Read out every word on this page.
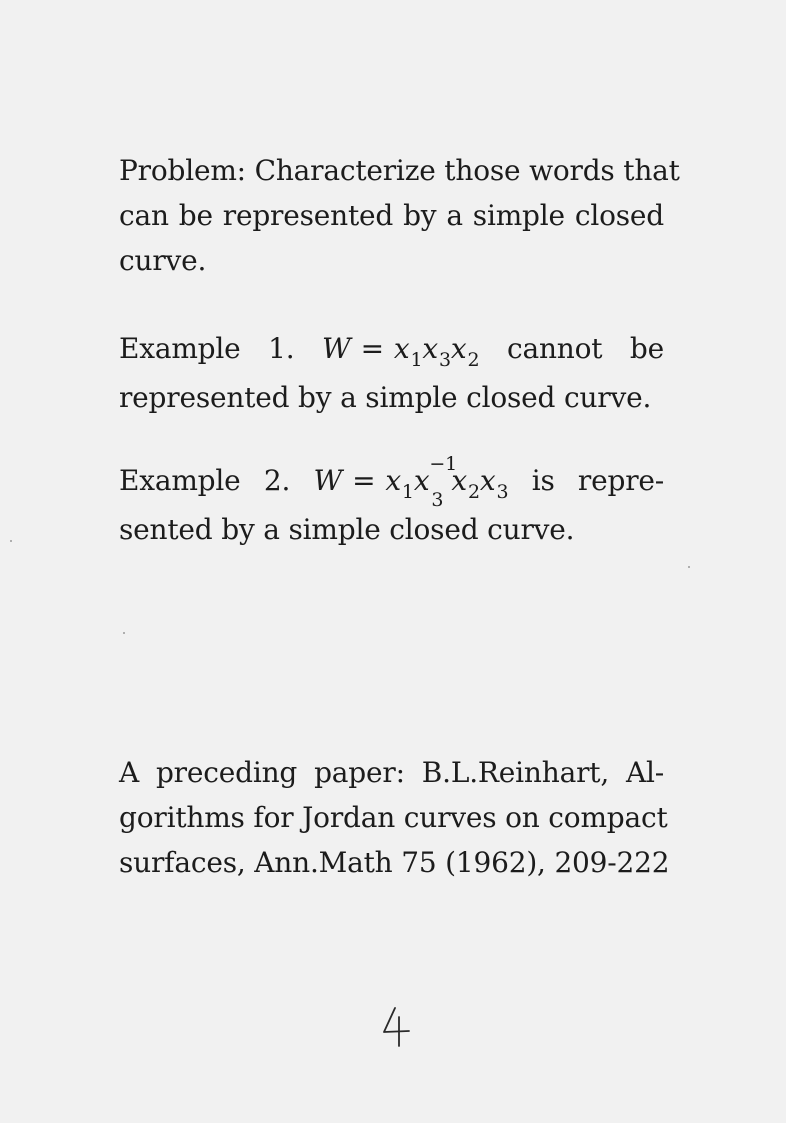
Problem: Characterize those words that
can be represented by a simple closed
curve.
Example 1. $W = x_1x_3x_2$ cannot be
represented by a simple closed curve.
Example 2. $W = x_1x -1$
3
$x_2x_3$ is repre-
sented by a simple closed curve.
A preceding paper: B.L.Reinhart, Al-
gorithms for Jordan curves on compact
surfaces, Ann.Math 75 (1962), 209-222
